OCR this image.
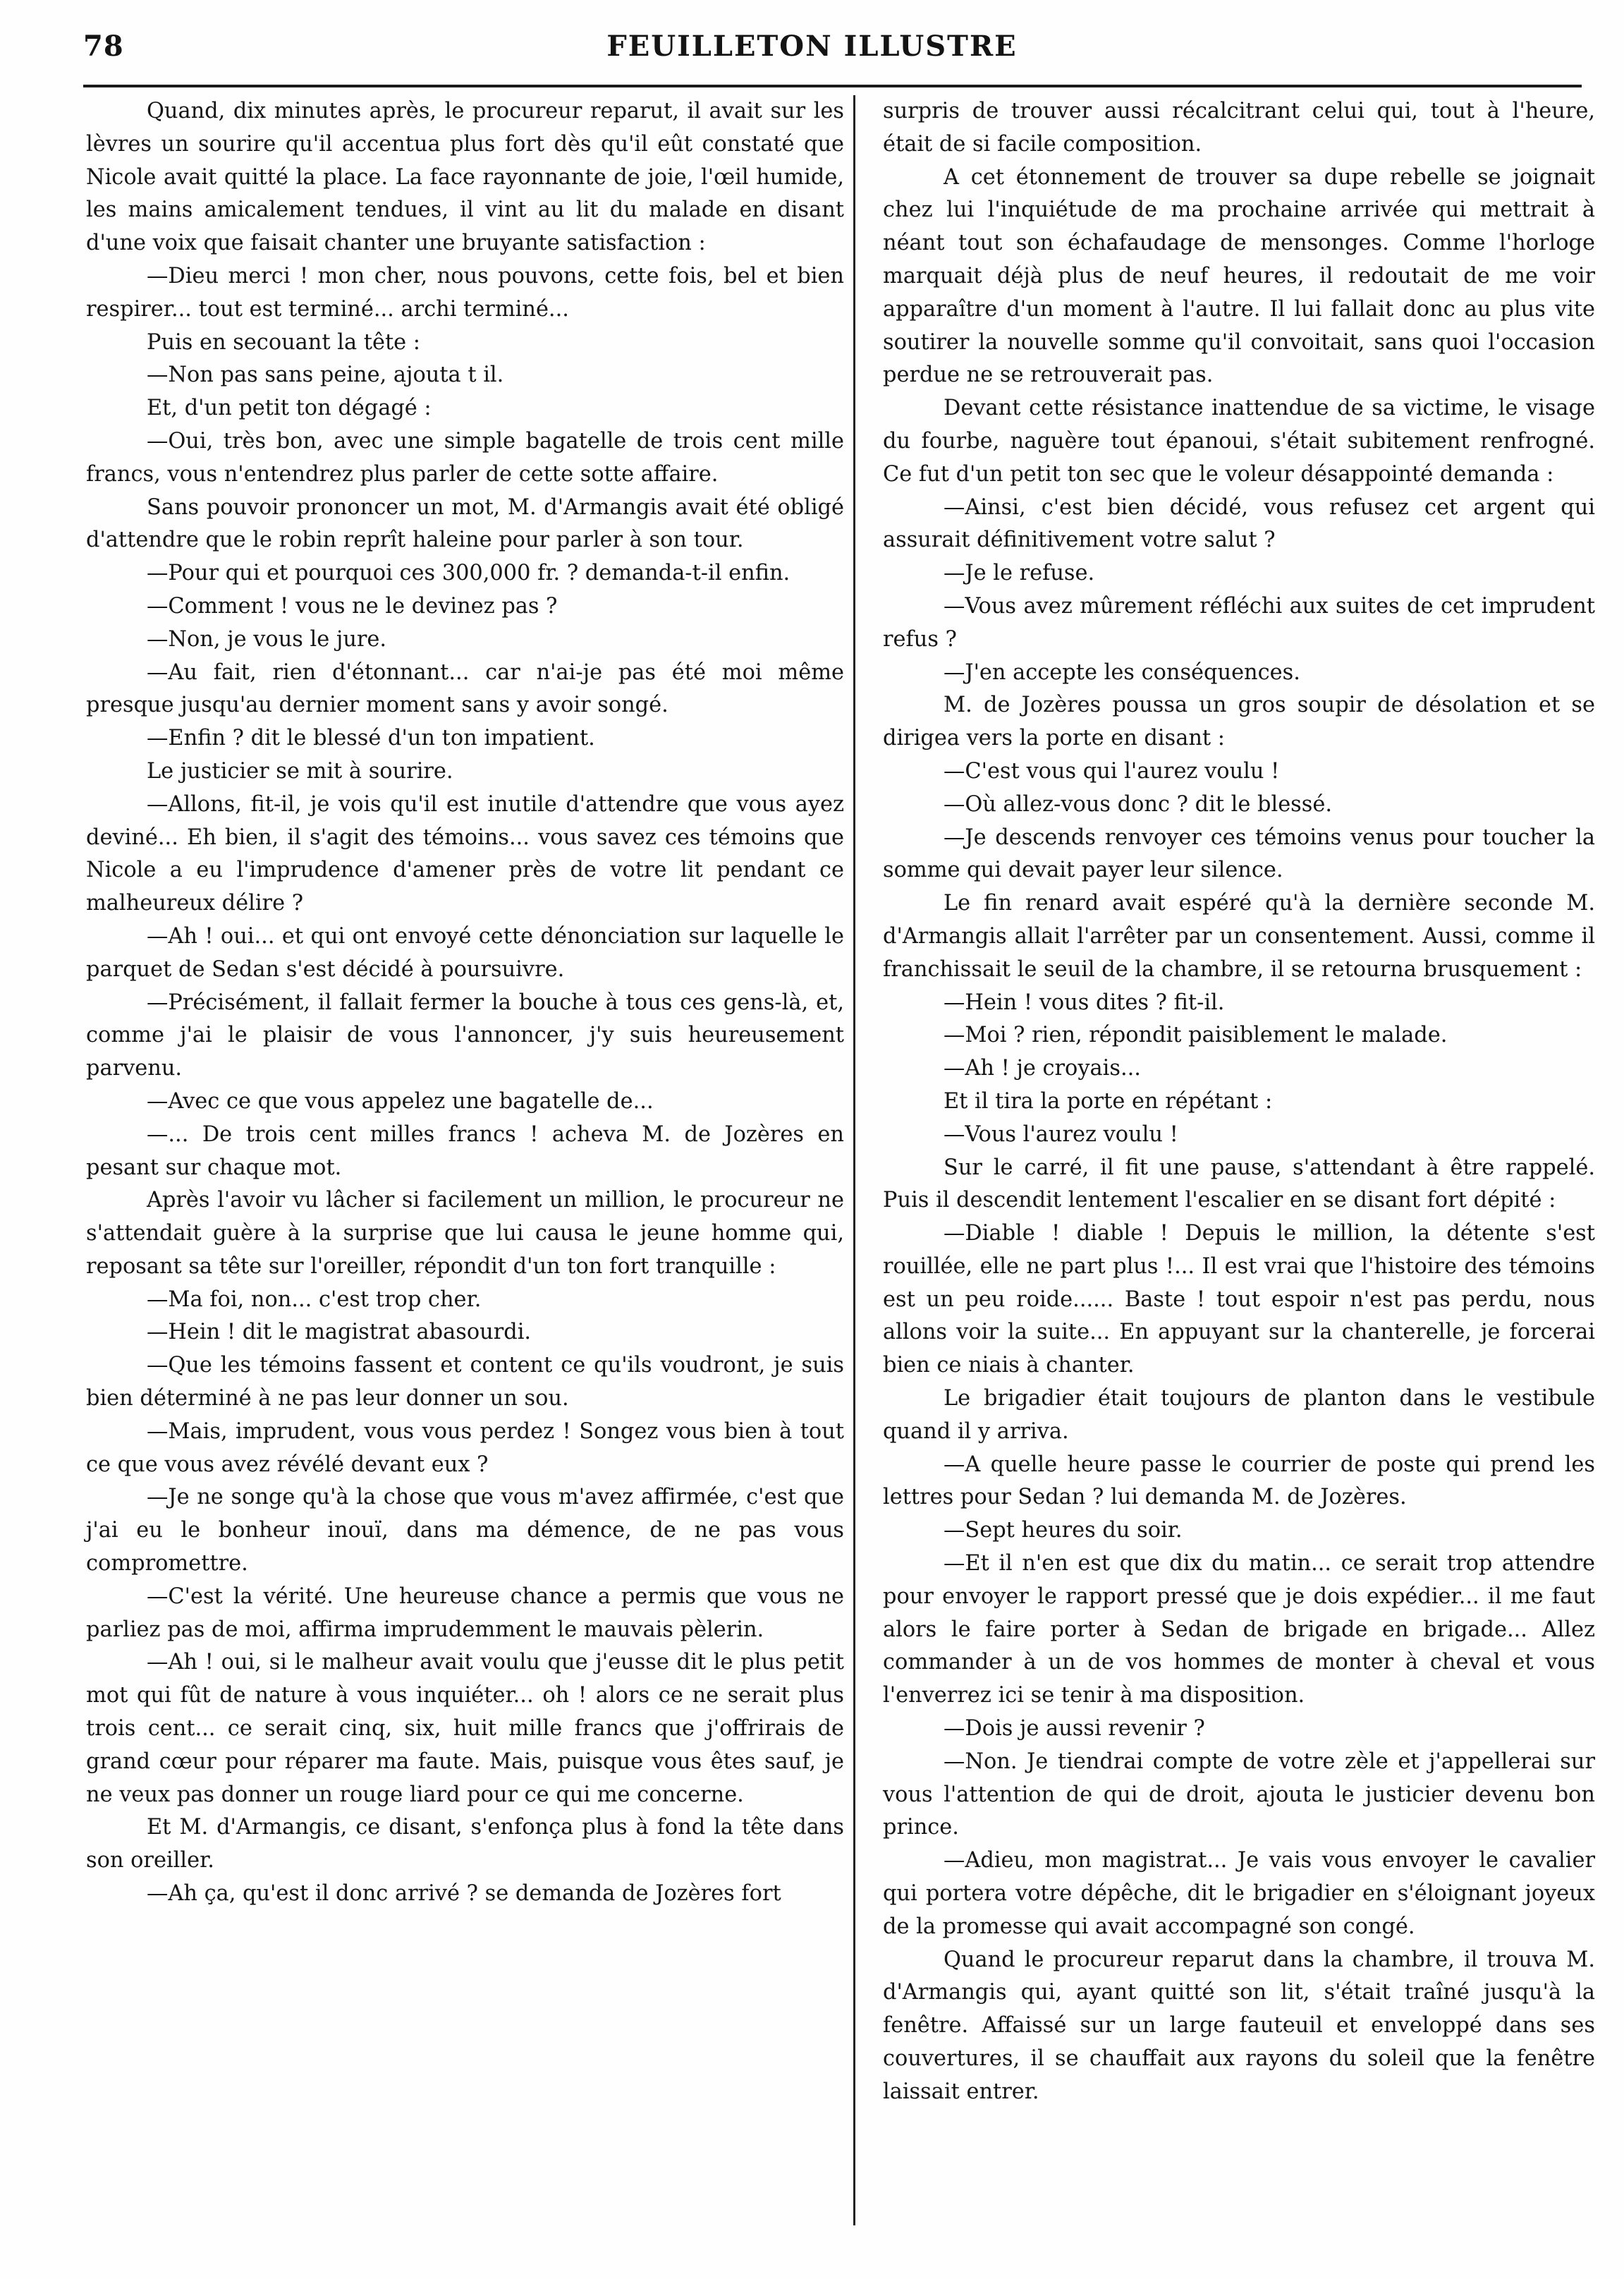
78	FEUILLETON ILLUSTRE

Quand, dix minutes après, le procureur reparut, il avait sur les lèvres un sourire qu'il accentua plus fort dès qu'il eût constaté que Nicole avait quitté la place. La face rayonnante de joie, l'œil humide, les mains amicalement tendues, il vint au lit du malade en disant d'une voix que faisait chanter une bruyante satisfaction :

—Dieu merci ! mon cher, nous pouvons, cette fois, bel et bien respirer... tout est terminé... archi terminé...

Puis en secouant la tête :

—Non pas sans peine, ajouta t il.

Et, d'un petit ton dégagé :

—Oui, très bon, avec une simple bagatelle de trois cent mille francs, vous n'entendrez plus parler de cette sotte affaire.

Sans pouvoir prononcer un mot, M. d'Armangis avait été obligé d'attendre que le robin reprît haleine pour parler à son tour.

—Pour qui et pourquoi ces 300,000 fr. ? demanda-t-il enfin.

—Comment ! vous ne le devinez pas ?

—Non, je vous le jure.

—Au fait, rien d'étonnant... car n'ai-je pas été moi même presque jusqu'au dernier moment sans y avoir songé.

—Enfin ? dit le blessé d'un ton impatient.

Le justicier se mit à sourire.

—Allons, fit-il, je vois qu'il est inutile d'attendre que vous ayez deviné... Eh bien, il s'agit des témoins... vous savez ces témoins que Nicole a eu l'imprudence d'amener près de votre lit pendant ce malheureux délire ?

—Ah ! oui... et qui ont envoyé cette dénonciation sur laquelle le parquet de Sedan s'est décidé à poursuivre.

—Précisément, il fallait fermer la bouche à tous ces gens-là, et, comme j'ai le plaisir de vous l'annoncer, j'y suis heureusement parvenu.

—Avec ce que vous appelez une bagatelle de...

—... De trois cent milles francs ! acheva M. de Jozères en pesant sur chaque mot.

Après l'avoir vu lâcher si facilement un million, le procureur ne s'attendait guère à la surprise que lui causa le jeune homme qui, reposant sa tête sur l'oreiller, répondit d'un ton fort tranquille :

—Ma foi, non... c'est trop cher.

—Hein ! dit le magistrat abasourdi.

—Que les témoins fassent et content ce qu'ils voudront, je suis bien déterminé à ne pas leur donner un sou.

—Mais, imprudent, vous vous perdez ! Songez vous bien à tout ce que vous avez révélé devant eux ?

—Je ne songe qu'à la chose que vous m'avez affirmée, c'est que j'ai eu le bonheur inouï, dans ma démence, de ne pas vous compromettre.

—C'est la vérité. Une heureuse chance a permis que vous ne parliez pas de moi, affirma imprudemment le mauvais pèlerin.

—Ah ! oui, si le malheur avait voulu que j'eusse dit le plus petit mot qui fût de nature à vous inquiéter... oh ! alors ce ne serait plus trois cent... ce serait cinq, six, huit mille francs que j'offrirais de grand cœur pour réparer ma faute. Mais, puisque vous êtes sauf, je ne veux pas donner un rouge liard pour ce qui me concerne.

Et M. d'Armangis, ce disant, s'enfonça plus à fond la tête dans son oreiller.

—Ah ça, qu'est il donc arrivé ? se demanda de Jozères fort

surpris de trouver aussi récalcitrant celui qui, tout à l'heure, était de si facile composition.

A cet étonnement de trouver sa dupe rebelle se joignait chez lui l'inquiétude de ma prochaine arrivée qui mettrait à néant tout son échafaudage de mensonges. Comme l'horloge marquait déjà plus de neuf heures, il redoutait de me voir apparaître d'un moment à l'autre. Il lui fallait donc au plus vite soutirer la nouvelle somme qu'il convoitait, sans quoi l'occasion perdue ne se retrouverait pas.

Devant cette résistance inattendue de sa victime, le visage du fourbe, naguère tout épanoui, s'était subitement renfrogné. Ce fut d'un petit ton sec que le voleur désappointé demanda :

—Ainsi, c'est bien décidé, vous refusez cet argent qui assurait définitivement votre salut ?

—Je le refuse.

—Vous avez mûrement réfléchi aux suites de cet imprudent refus ?

—J'en accepte les conséquences.

M. de Jozères poussa un gros soupir de désolation et se dirigea vers la porte en disant :

—C'est vous qui l'aurez voulu !

—Où allez-vous donc ? dit le blessé.

—Je descends renvoyer ces témoins venus pour toucher la somme qui devait payer leur silence.

Le fin renard avait espéré qu'à la dernière seconde M. d'Armangis allait l'arrêter par un consentement. Aussi, comme il franchissait le seuil de la chambre, il se retourna brusquement :

—Hein ! vous dites ? fit-il.

—Moi ? rien, répondit paisiblement le malade.

—Ah ! je croyais...

Et il tira la porte en répétant :

—Vous l'aurez voulu !

Sur le carré, il fit une pause, s'attendant à être rappelé. Puis il descendit lentement l'escalier en se disant fort dépité :

—Diable ! diable ! Depuis le million, la détente s'est rouillée, elle ne part plus !... Il est vrai que l'histoire des témoins est un peu roide...... Baste ! tout espoir n'est pas perdu, nous allons voir la suite... En appuyant sur la chanterelle, je forcerai bien ce niais à chanter.

Le brigadier était toujours de planton dans le vestibule quand il y arriva.

—A quelle heure passe le courrier de poste qui prend les lettres pour Sedan ? lui demanda M. de Jozères.

—Sept heures du soir.

—Et il n'en est que dix du matin... ce serait trop attendre pour envoyer le rapport pressé que je dois expédier... il me faut alors le faire porter à Sedan de brigade en brigade... Allez commander à un de vos hommes de monter à cheval et vous l'enverrez ici se tenir à ma disposition.

—Dois je aussi revenir ?

—Non. Je tiendrai compte de votre zèle et j'appellerai sur vous l'attention de qui de droit, ajouta le justicier devenu bon prince.

—Adieu, mon magistrat... Je vais vous envoyer le cavalier qui portera votre dépêche, dit le brigadier en s'éloignant joyeux de la promesse qui avait accompagné son congé.

Quand le procureur reparut dans la chambre, il trouva M. d'Armangis qui, ayant quitté son lit, s'était traîné jusqu'à la fenêtre. Affaissé sur un large fauteuil et enveloppé dans ses couvertures, il se chauffait aux rayons du soleil que la fenêtre laissait entrer.
